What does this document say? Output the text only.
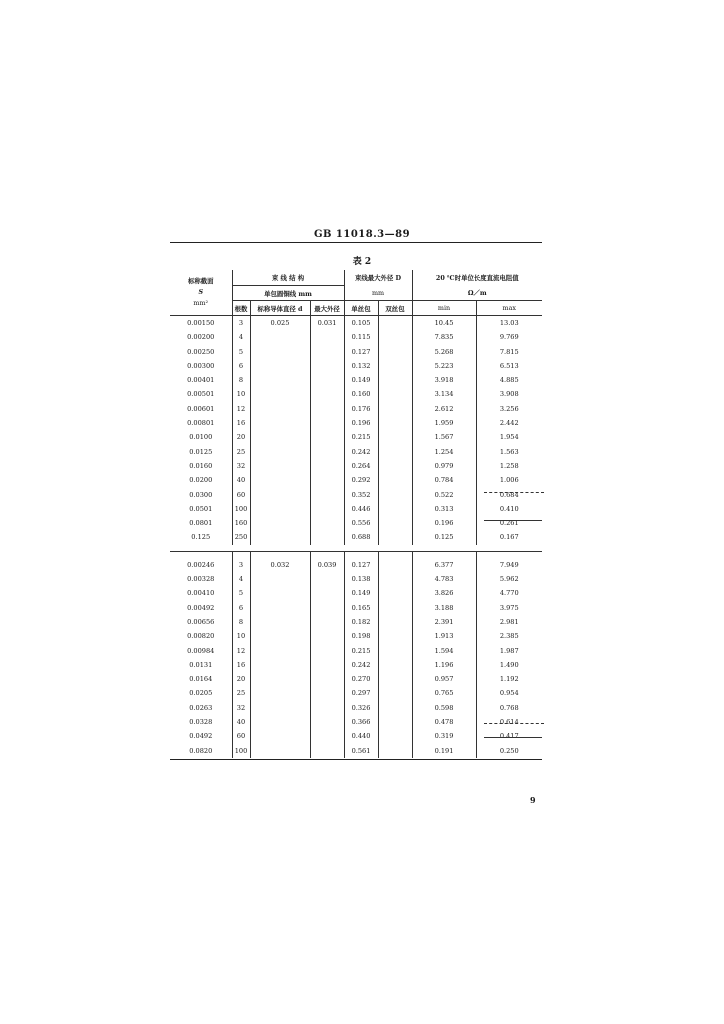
GB 11018.3—89
表 2
标称截面
S
mm²	束 线 结 构			束线最大外径 D		20 ℃时单位长度直流电阻值	
	单包圆铜线 mm			mm		Ω／m	
	根数	标称导体直径 d	最大外径	单丝包	双丝包	min	max
0.00150	3	0.025	0.031	0.105		10.45	13.03
0.00200	4			0.115		7.835	9.769
0.00250	5			0.127		5.268	7.815
0.00300	6			0.132		5.223	6.513
0.00401	8			0.149		3.918	4.885
0.00501	10			0.160		3.134	3.908
0.00601	12			0.176		2.612	3.256
0.00801	16			0.196		1.959	2.442
0.0100	20			0.215		1.567	1.954
0.0125	25			0.242		1.254	1.563
0.0160	32			0.264		0.979	1.258
0.0200	40			0.292		0.784	1.006
0.0300	60			0.352		0.522	0.684
0.0501	100			0.446		0.313	0.410
0.0801	160			0.556		0.196	0.261
0.125	250			0.688		0.125	0.167

0.00246	3	0.032	0.039	0.127		6.377	7.949
0.00328	4			0.138		4.783	5.962
0.00410	5			0.149		3.826	4.770
0.00492	6			0.165		3.188	3.975
0.00656	8			0.182		2.391	2.981
0.00820	10			0.198		1.913	2.385
0.00984	12			0.215		1.594	1.987
0.0131	16			0.242		1.196	1.490
0.0164	20			0.270		0.957	1.192
0.0205	25			0.297		0.765	0.954
0.0263	32			0.326		0.598	0.768
0.0328	40			0.366		0.478	0.614
0.0492	60			0.440		0.319	0.417
0.0820	100			0.561		0.191	0.250
9
